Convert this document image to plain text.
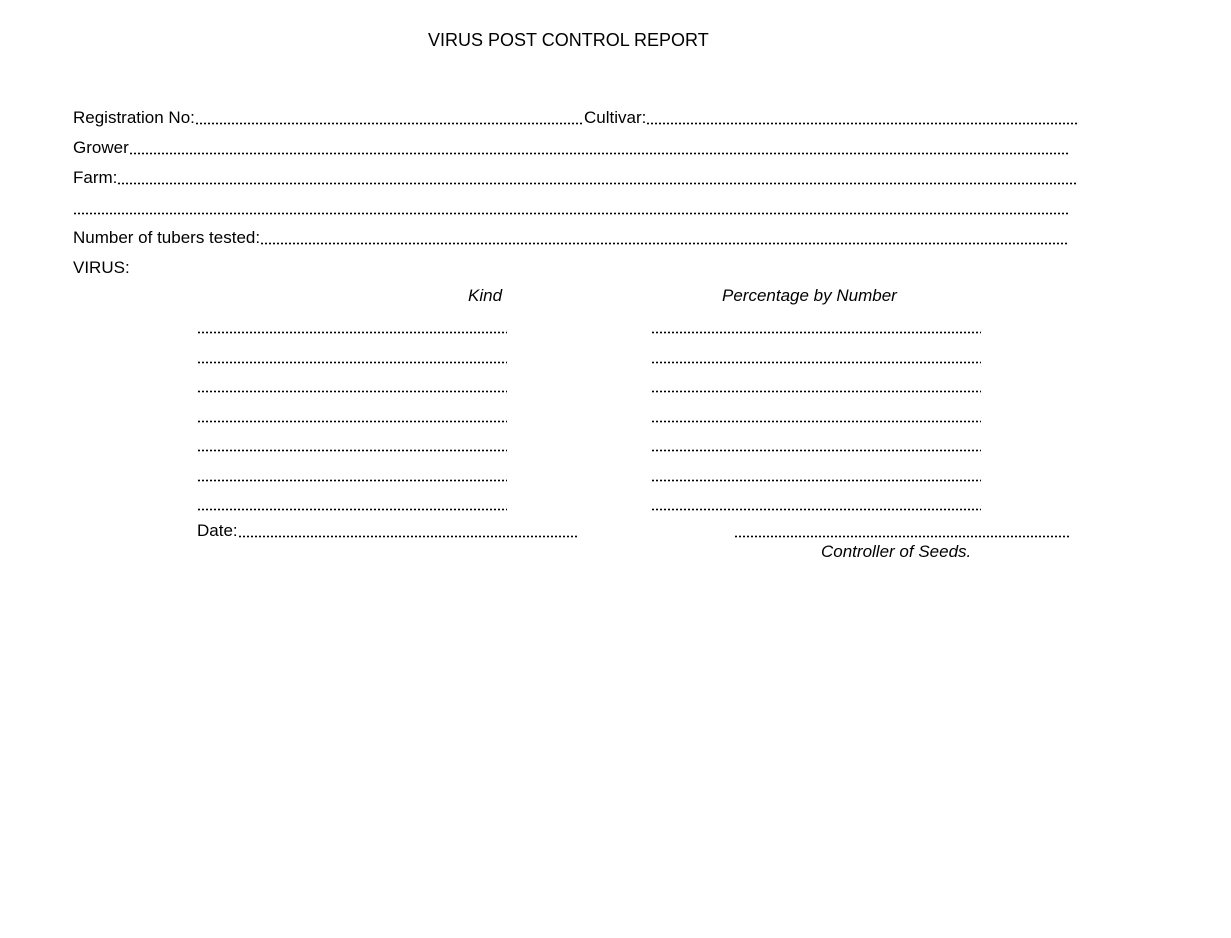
VIRUS POST CONTROL REPORT
Registration No:	Cultivar:
Grower
Farm:
Number of tubers tested:
VIRUS:
Kind	Percentage by Number
Date:
Controller of Seeds.
